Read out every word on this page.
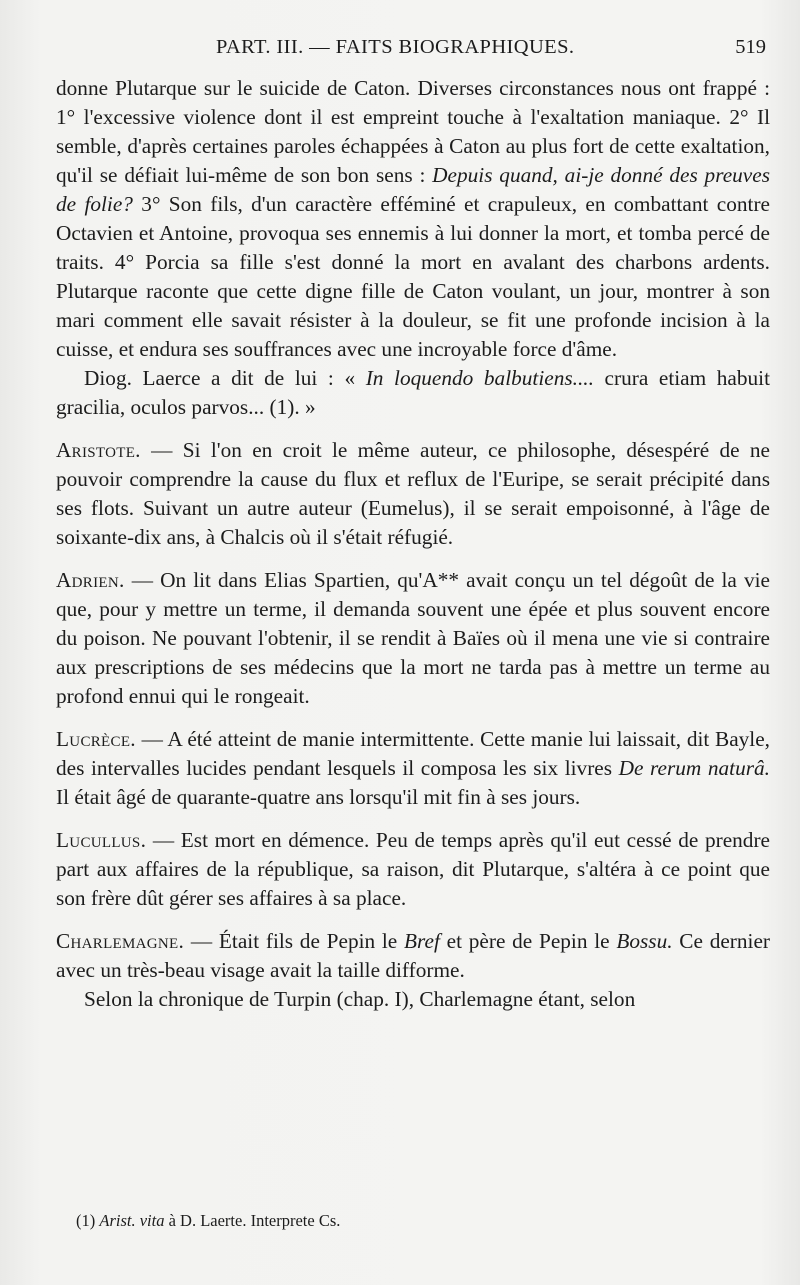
PART. III. — FAITS BIOGRAPHIQUES.	519

donne Plutarque sur le suicide de Caton. Diverses circonstances nous ont frappé : 1° l'excessive violence dont il est empreint touche à l'exaltation maniaque. 2° Il semble, d'après certaines paroles échappées à Caton au plus fort de cette exaltation, qu'il se défiait lui-même de son bon sens : Depuis quand, ai-je donné des preuves de folie? 3° Son fils, d'un caractère efféminé et crapuleux, en combattant contre Octavien et Antoine, provoqua ses ennemis à lui donner la mort, et tomba percé de traits. 4° Porcia sa fille s'est donné la mort en avalant des charbons ardents. Plutarque raconte que cette digne fille de Caton voulant, un jour, montrer à son mari comment elle savait résister à la douleur, se fit une profonde incision à la cuisse, et endura ses souffrances avec une incroyable force d'âme.

Diog. Laerce a dit de lui : « In loquendo balbutiens.... crura etiam habuit gracilia, oculos parvos... (1). »

Aristote. — Si l'on en croit le même auteur, ce philosophe, désespéré de ne pouvoir comprendre la cause du flux et reflux de l'Euripe, se serait précipité dans ses flots. Suivant un autre auteur (Eumelus), il se serait empoisonné, à l'âge de soixante-dix ans, à Chalcis où il s'était réfugié.

Adrien. — On lit dans Elias Spartien, qu'A** avait conçu un tel dégoût de la vie que, pour y mettre un terme, il demanda souvent une épée et plus souvent encore du poison. Ne pouvant l'obtenir, il se rendit à Baïes où il mena une vie si contraire aux prescriptions de ses médecins que la mort ne tarda pas à mettre un terme au profond ennui qui le rongeait.

Lucrèce. — A été atteint de manie intermittente. Cette manie lui laissait, dit Bayle, des intervalles lucides pendant lesquels il composa les six livres De rerum naturâ. Il était âgé de quarante-quatre ans lorsqu'il mit fin à ses jours.

Lucullus. — Est mort en démence. Peu de temps après qu'il eut cessé de prendre part aux affaires de la république, sa raison, dit Plutarque, s'altéra à ce point que son frère dût gérer ses affaires à sa place.

Charlemagne. — Était fils de Pepin le Bref et père de Pepin le Bossu. Ce dernier avec un très-beau visage avait la taille difforme.

Selon la chronique de Turpin (chap. I), Charlemagne étant, selon

(1) Arist. vita à D. Laerte. Interprete Cs.
